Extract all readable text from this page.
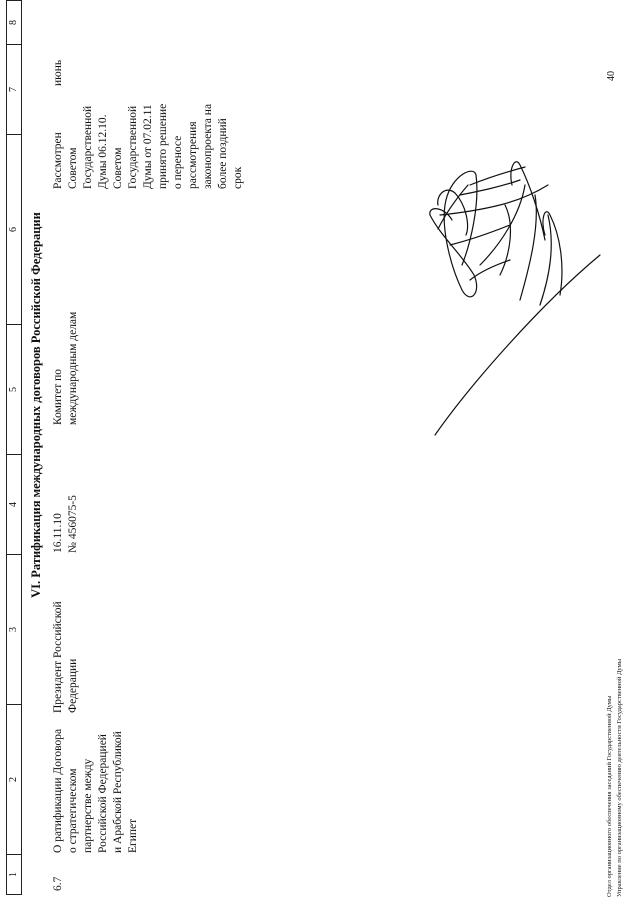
1
2
3
4
5
6
7
8
VI. Ратификация международных договоров Российской Федерации
6.7
О ратификации Договора
о стратегическом
партнерстве между
Российской Федерацией
и Арабской Республикой
Египет
Президент Российской
Федерации
16.11.10
№ 456075-5
Комитет по
международным делам
Рассмотрен
Советом
Государственной
Думы 06.12.10.
Советом
Государственной
Думы от 07.02.11
принято решение
о переносе
рассмотрения
законопроекта на
более поздний
срок
июнь
Отдел организационного обеспечения заседаний Государственной Думы Управление по организационному обеспечению деятельности Государственной Думы
40
